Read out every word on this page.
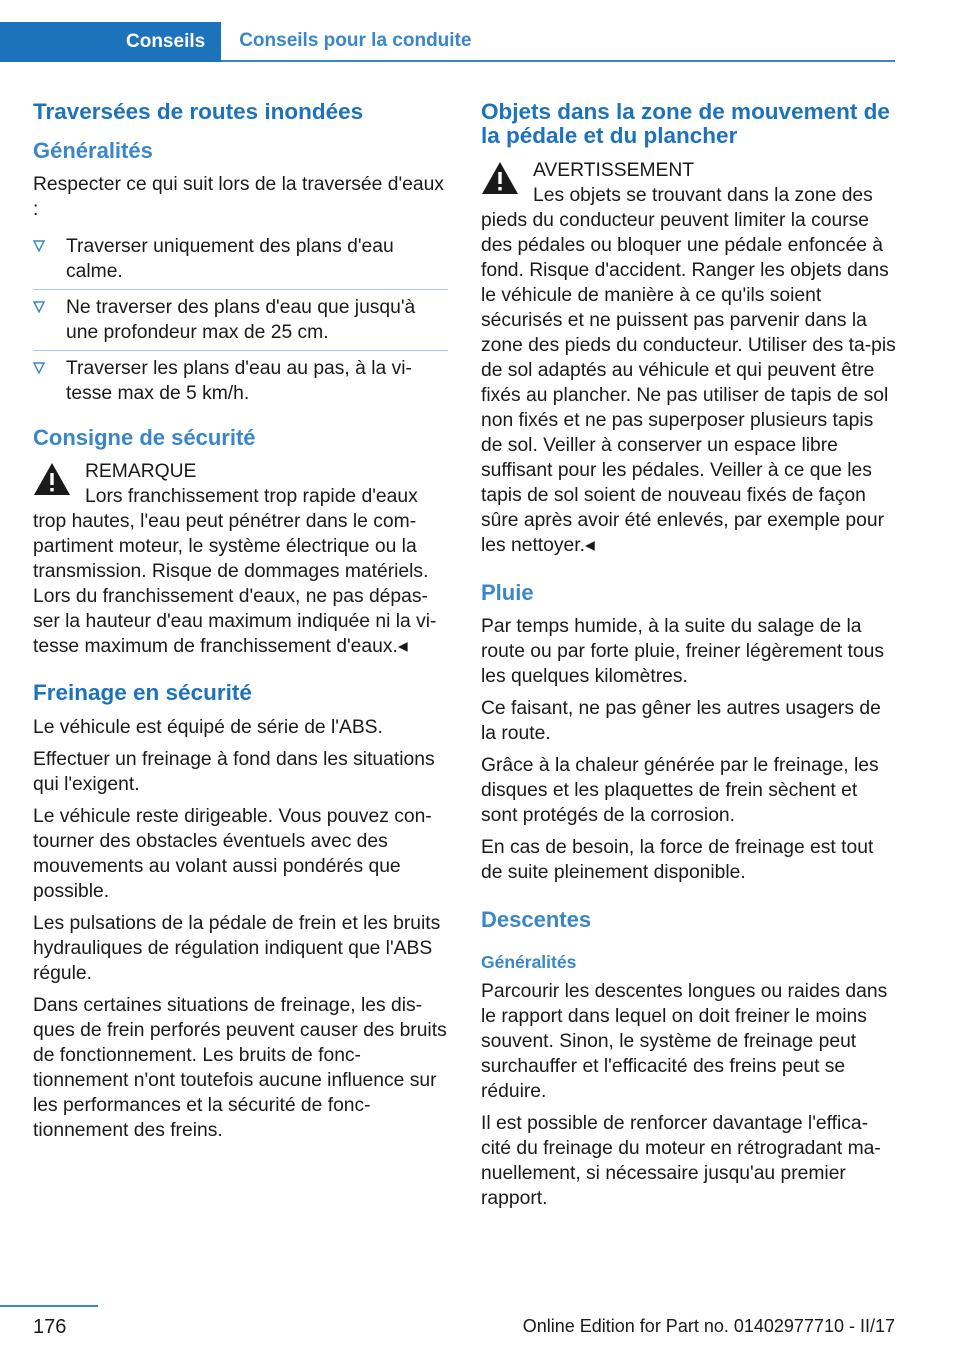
Conseils	Conseils pour la conduite
Traversées de routes inondées
Généralités

Respecter ce qui suit lors de la traversée d'eaux :

Traverser uniquement des plans d'eau calme.
Ne traverser des plans d'eau que jusqu'à une profondeur max de 25 cm.
Traverser les plans d'eau au pas, à la vi-tesse max de 5 km/h.
Consigne de sécurité

REMARQUE

Lors franchissement trop rapide d'eaux

trop hautes, l'eau peut pénétrer dans le com-partiment moteur, le système électrique ou la transmission. Risque de dommages matériels. Lors du franchissement d'eaux, ne pas dépas-ser la hauteur d'eau maximum indiquée ni la vi-tesse maximum de franchissement d'eaux.◂

Freinage en sécurité

Le véhicule est équipé de série de l'ABS.

Effectuer un freinage à fond dans les situations qui l'exigent.

Le véhicule reste dirigeable. Vous pouvez con-tourner des obstacles éventuels avec des mouvements au volant aussi pondérés que possible.

Les pulsations de la pédale de frein et les bruits hydrauliques de régulation indiquent que l'ABS régule.

Dans certaines situations de freinage, les dis-ques de frein perforés peuvent causer des bruits de fonctionnement. Les bruits de fonc-tionnement n'ont toutefois aucune influence sur les performances et la sécurité de fonc-tionnement des freins.

Objets dans la zone de mouvement de la pédale et du plancher

AVERTISSEMENT

Les objets se trouvant dans la zone des

pieds du conducteur peuvent limiter la course des pédales ou bloquer une pédale enfoncée à fond. Risque d'accident. Ranger les objets dans le véhicule de manière à ce qu'ils soient sécurisés et ne puissent pas parvenir dans la zone des pieds du conducteur. Utiliser des ta-pis de sol adaptés au véhicule et qui peuvent être fixés au plancher. Ne pas utiliser de tapis de sol non fixés et ne pas superposer plusieurs tapis de sol. Veiller à conserver un espace libre suffisant pour les pédales. Veiller à ce que les tapis de sol soient de nouveau fixés de façon sûre après avoir été enlevés, par exemple pour les nettoyer.◂

Pluie

Par temps humide, à la suite du salage de la route ou par forte pluie, freiner légèrement tous les quelques kilomètres.

Ce faisant, ne pas gêner les autres usagers de la route.

Grâce à la chaleur générée par le freinage, les disques et les plaquettes de frein sèchent et sont protégés de la corrosion.

En cas de besoin, la force de freinage est tout de suite pleinement disponible.

Descentes
Généralités

Parcourir les descentes longues ou raides dans le rapport dans lequel on doit freiner le moins souvent. Sinon, le système de freinage peut surchauffer et l'efficacité des freins peut se réduire.

Il est possible de renforcer davantage l'effica-cité du freinage du moteur en rétrogradant ma-nuellement, si nécessaire jusqu'au premier rapport.

176	Online Edition for Part no. 01402977710 - II/17
